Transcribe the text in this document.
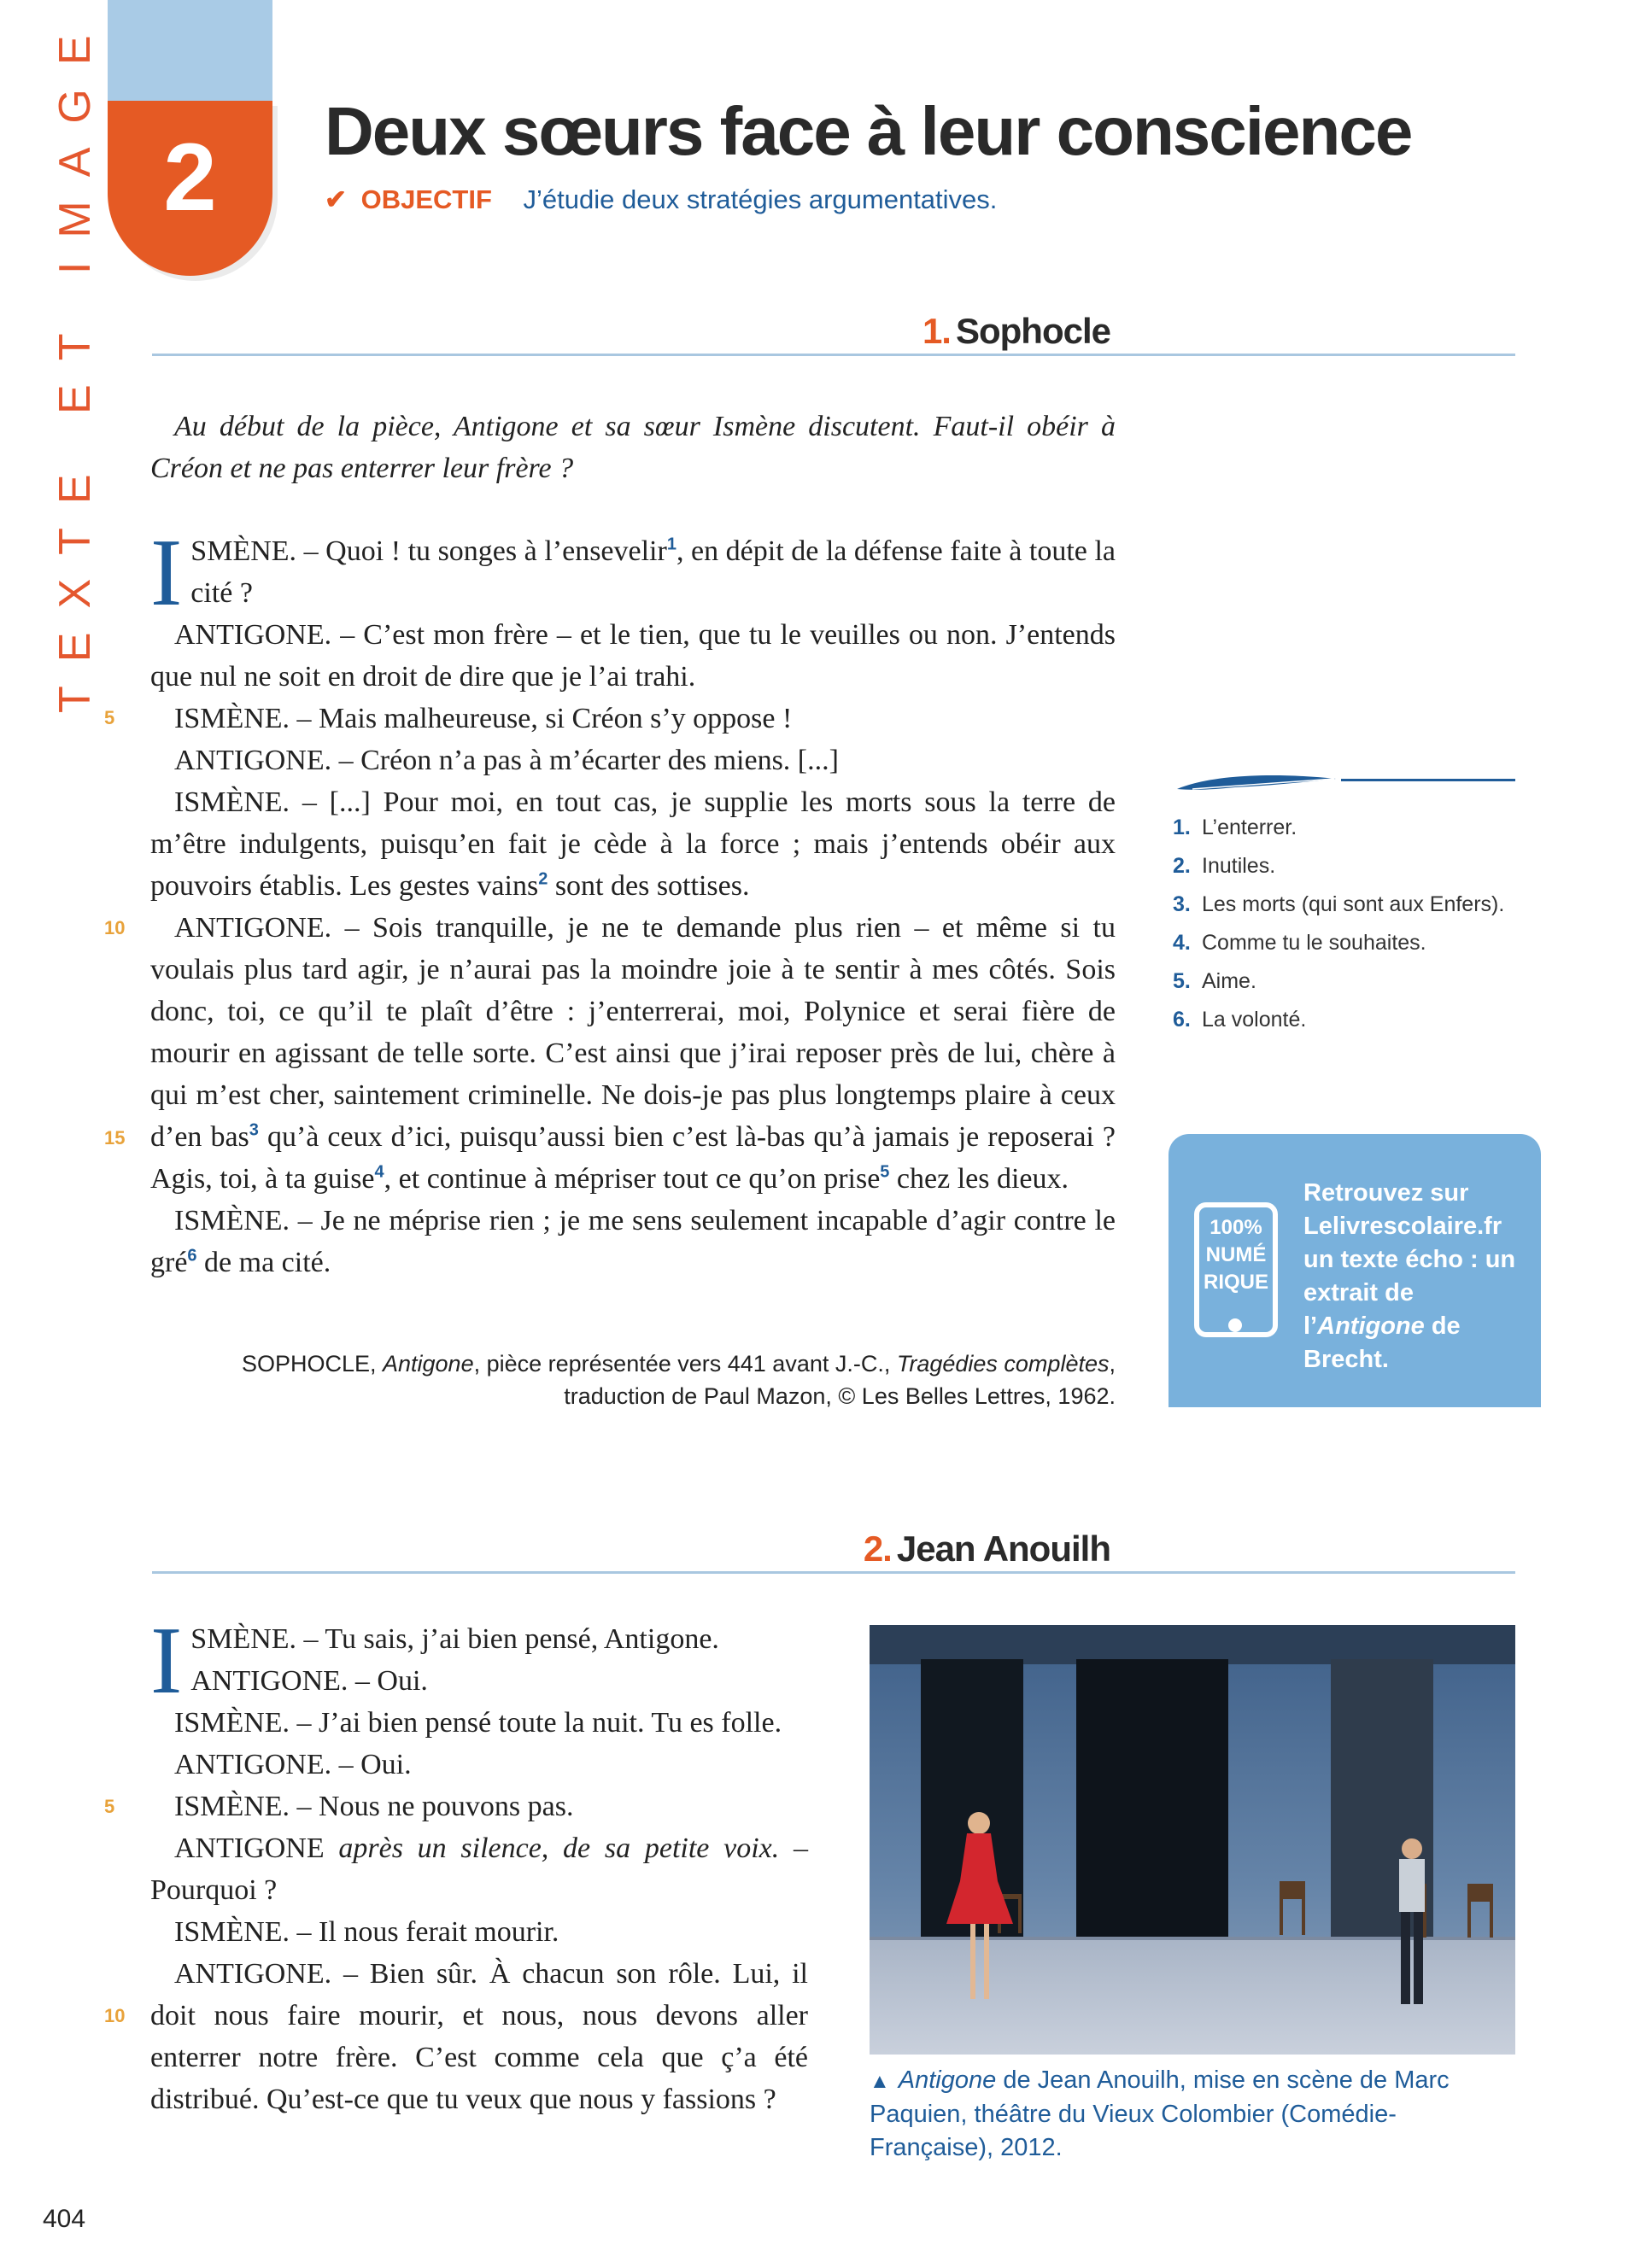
TEXTE ET IMAGE 2	Deux sœurs face à leur conscience
✔ OBJECTIF J’étudie deux stratégies argumentatives.
1. Sophocle
Au début de la pièce, Antigone et sa sœur Ismène discutent. Faut-il obéir à Créon et ne pas enterrer leur frère ?

ISMÈNE. – Quoi ! tu songes à l’ensevelir$^1$, en dépit de la défense faite à toute la cité ?

ANTIGONE. – C’est mon frère – et le tien, que tu le veuilles ou non. J’entends que nul ne soit en droit de dire que je l’ai trahi.

ISMÈNE. – Mais malheureuse, si Créon s’y oppose !

ANTIGONE. – Créon n’a pas à m’écarter des miens. [...]

ISMÈNE. – [...] Pour moi, en tout cas, je supplie les morts sous la terre de m’être indulgents, puisqu’en fait je cède à la force ; mais j’entends obéir aux pouvoirs établis. Les gestes vains$^2$ sont des sottises.

ANTIGONE. – Sois tranquille, je ne te demande plus rien – et même si tu voulais plus tard agir, je n’aurai pas la moindre joie à te sentir à mes côtés. Sois donc, toi, ce qu’il te plaît d’être : j’enterrerai, moi, Polynice et serai fière de mourir en agissant de telle sorte. C’est ainsi que j’irai reposer près de lui, chère à qui m’est cher, saintement criminelle. Ne dois-je pas plus longtemps plaire à ceux d’en bas$^3$ qu’à ceux d’ici, puisqu’aussi bien c’est là-bas qu’à jamais je reposerai ? Agis, toi, à ta guise$^4$, et continue à mépriser tout ce qu’on prise$^5$ chez les dieux.

ISMÈNE. – Je ne méprise rien ; je me sens seulement incapable d’agir contre le gré$^6$ de ma cité.

5
10
15
SOPHOCLE, Antigone, pièce représentée vers 441 avant J.-C., Tragédies complètes,
traduction de Paul Mazon, © Les Belles Lettres, 1962.
1. L’enterrer.
2. Inutiles.
3. Les morts (qui sont aux Enfers).
4. Comme tu le souhaites.
5. Aime.
6. La volonté.
100%
NUMÉ
RIQUE
Retrouvez sur Lelivrescolaire.fr un texte écho : un extrait de l’Antigone de Brecht.
2. Jean Anouilh

ISMÈNE. – Tu sais, j’ai bien pensé, Antigone.

ANTIGONE. – Oui.

ISMÈNE. – J’ai bien pensé toute la nuit. Tu es folle.

ANTIGONE. – Oui.

ISMÈNE. – Nous ne pouvons pas.

ANTIGONE après un silence, de sa petite voix. – Pourquoi ?

ISMÈNE. – Il nous ferait mourir.

ANTIGONE. – Bien sûr. À chacun son rôle. Lui, il doit nous faire mourir, et nous, nous devons aller enterrer notre frère. C’est comme cela que ç’a été distribué. Qu’est-ce que tu veux que nous y fassions ?

5
10
▲ Antigone de Jean Anouilh, mise en scène de Marc Paquien, théâtre du Vieux Colombier (Comédie-Française), 2012.
404
